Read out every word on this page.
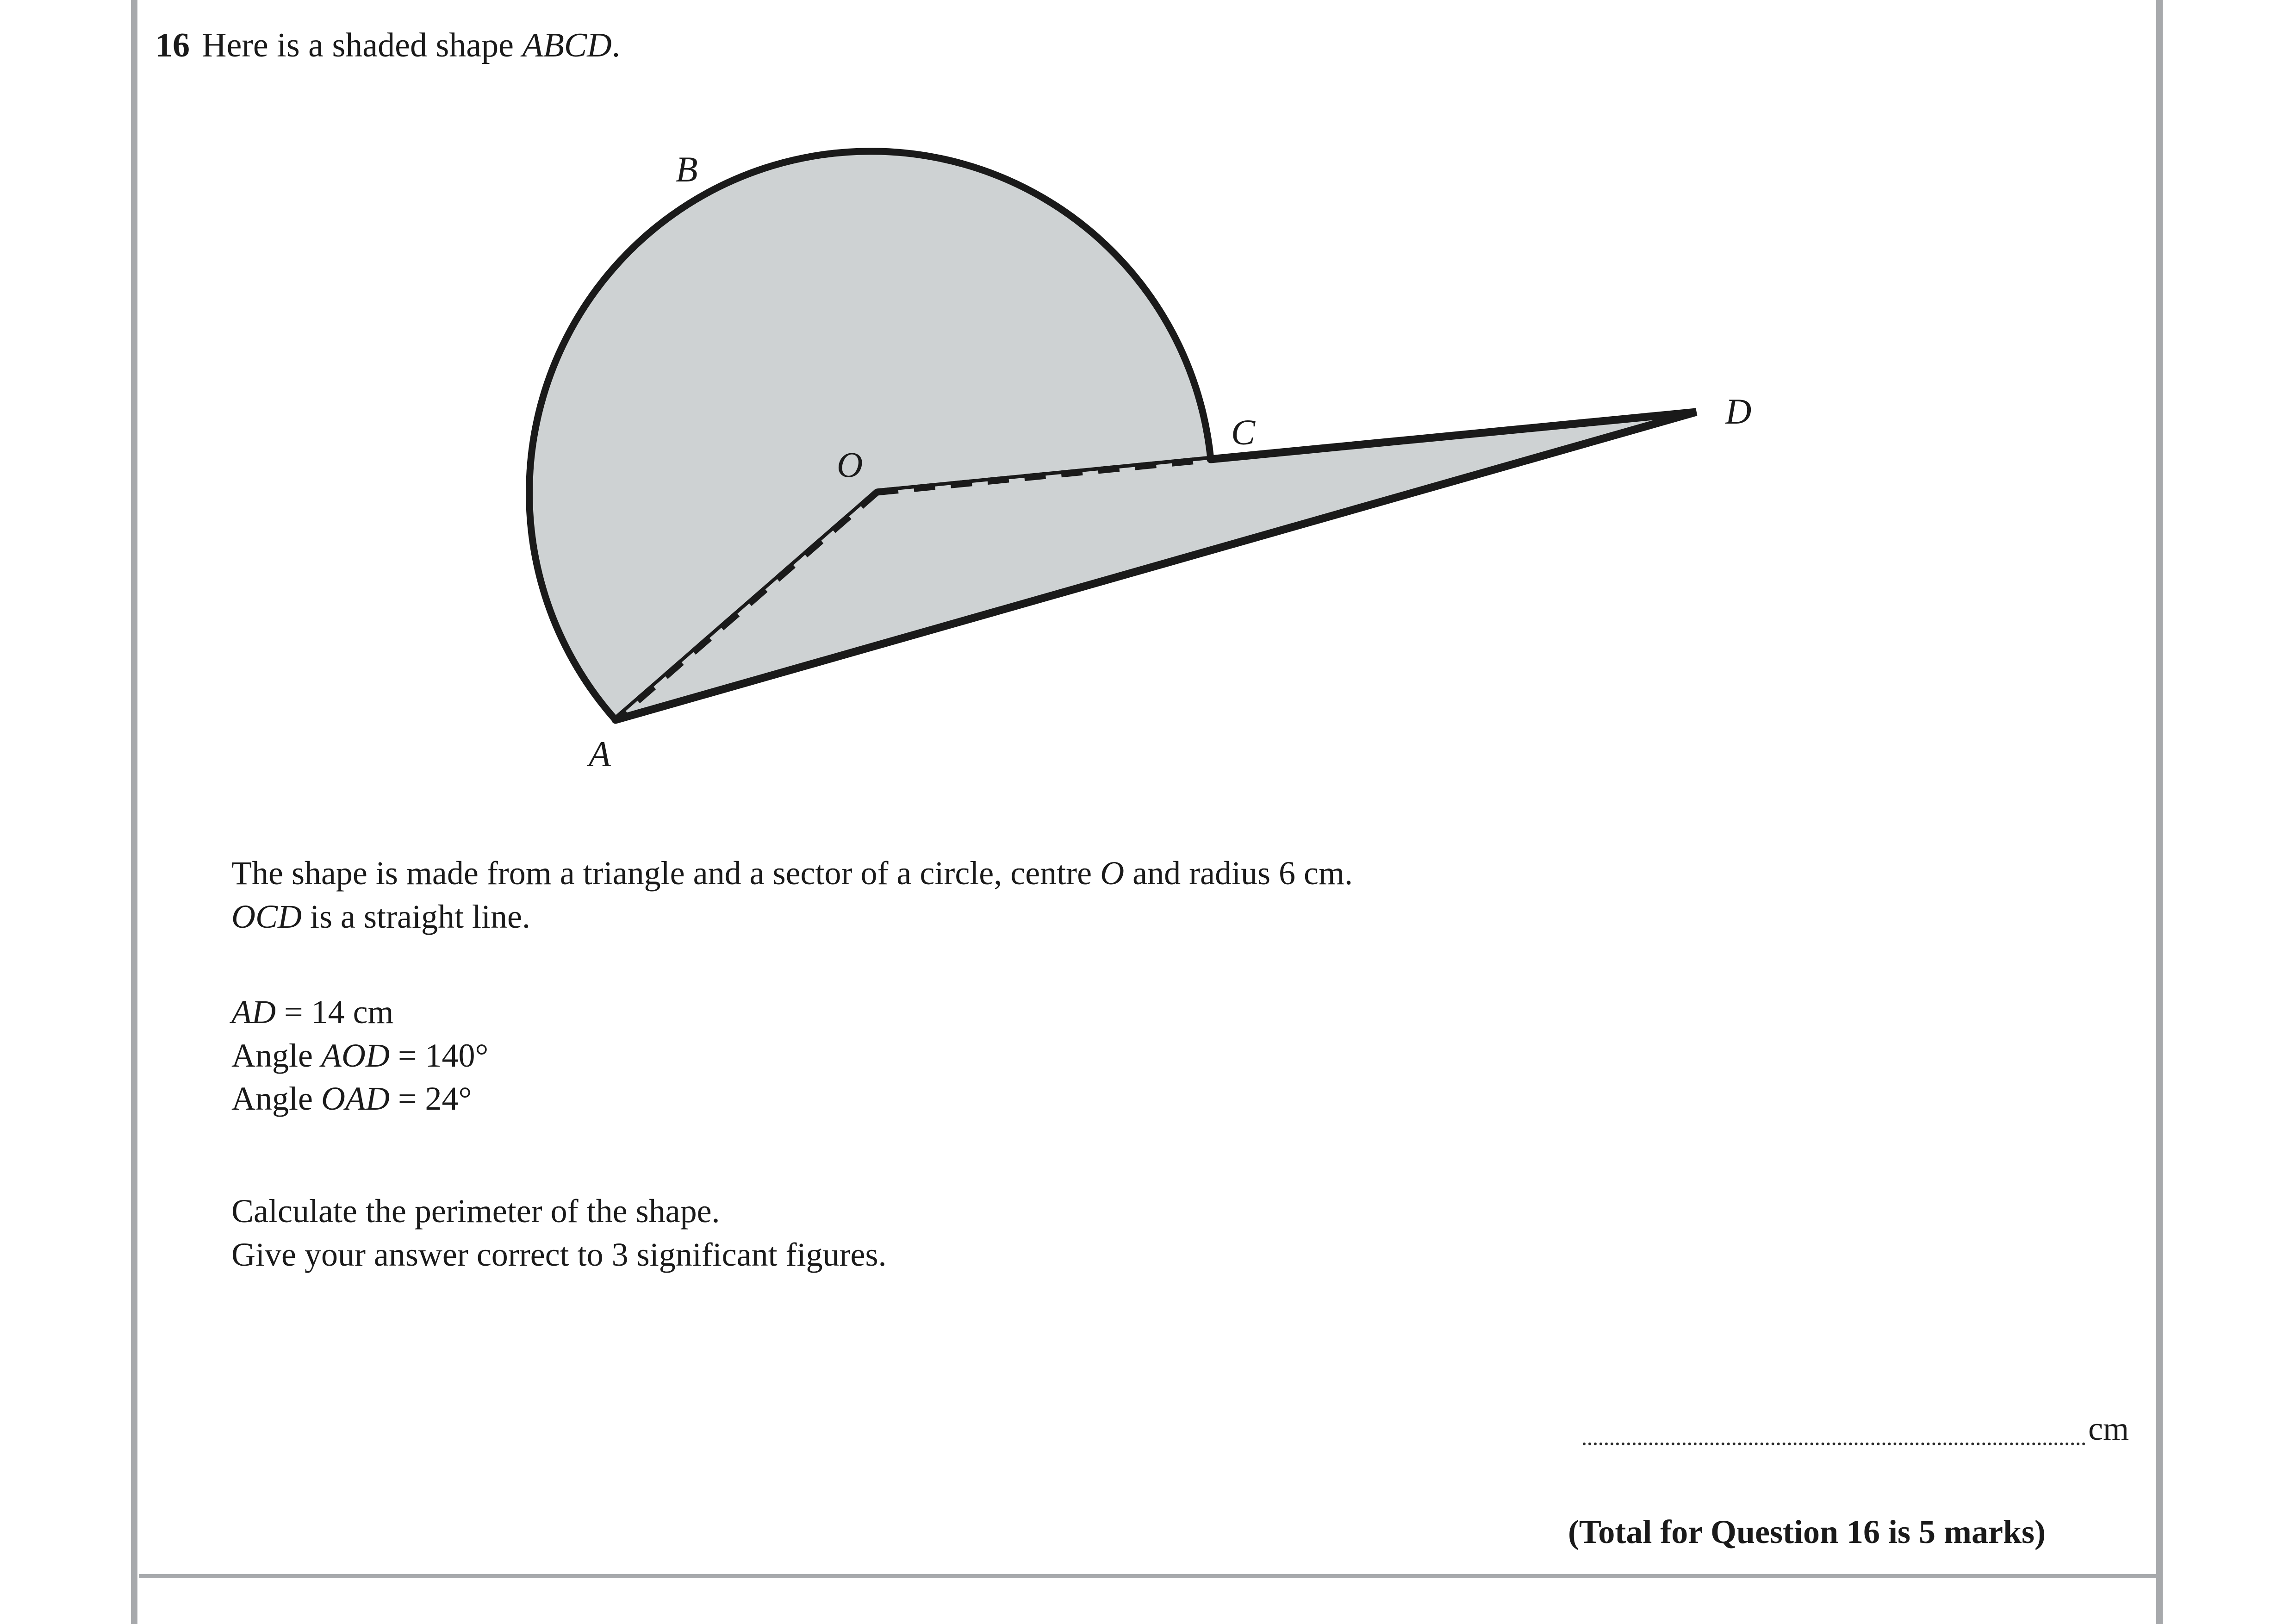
16 Here is a shaded shape ABCD.
B
C
D
O
A

The shape is made from a triangle and a sector of a circle, centre O and radius 6 cm.

OCD is a straight line.

AD = 14 cm

Angle AOD = 140°

Angle OAD = 24°

Calculate the perimeter of the shape.

Give your answer correct to 3 significant figures.

cm
(Total for Question 16 is 5 marks)
